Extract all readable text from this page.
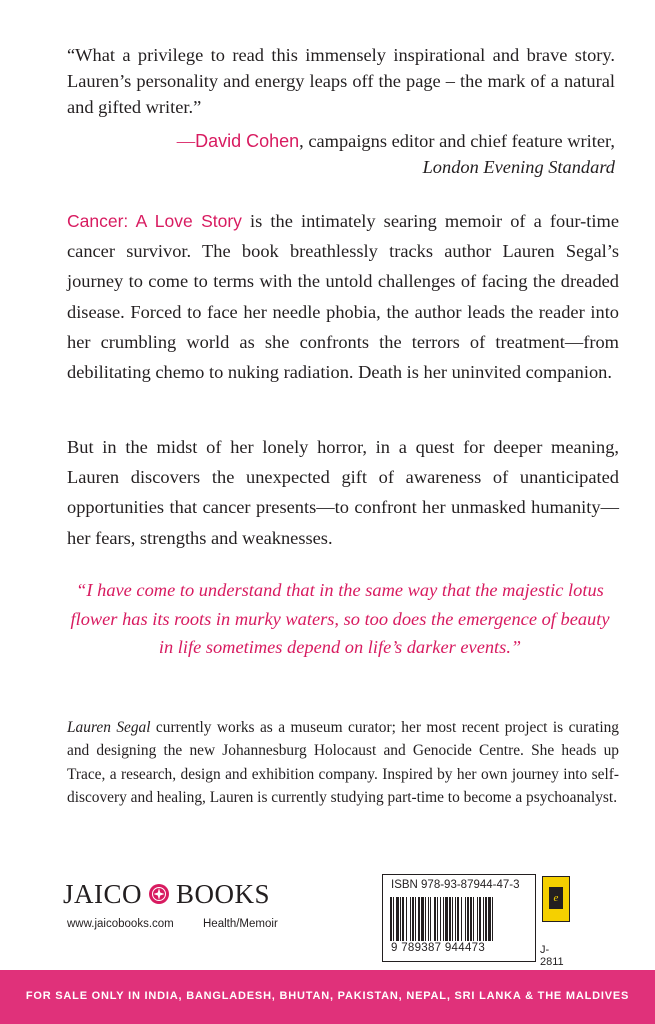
“What a privilege to read this immensely inspirational and brave story. Lauren’s personality and energy leaps off the page – the mark of a natural and gifted writer.”
—David Cohen, campaigns editor and chief feature writer,
London Evening Standard
Cancer: A Love Story is the intimately searing memoir of a four-time cancer survivor. The book breathlessly tracks author Lauren Segal’s journey to come to terms with the untold challenges of facing the dreaded disease. Forced to face her needle phobia, the author leads the reader into her crumbling world as she confronts the terrors of treatment—from debilitating chemo to nuking radiation. Death is her uninvited companion.
But in the midst of her lonely horror, in a quest for deeper meaning, Lauren discovers the unexpected gift of awareness of unanticipated opportunities that cancer presents—to confront her unmasked humanity—her fears, strengths and weaknesses.
“I have come to understand that in the same way that the majestic lotus flower has its roots in murky waters, so too does the emergence of beauty in life sometimes depend on life’s darker events.”
Lauren Segal currently works as a museum curator; her most recent project is curating and designing the new Johannesburg Holocaust and Genocide Centre. She heads up Trace, a research, design and exhibition company. Inspired by her own journey into self-discovery and healing, Lauren is currently studying part-time to become a psychoanalyst.
JAICO BOOKS
www.jaicobooks.com	Health/Memoir
ISBN 978-93-87944-47-3
9 789387 944473
e
J-2811
FOR SALE ONLY IN INDIA, BANGLADESH, BHUTAN, PAKISTAN, NEPAL, SRI LANKA & THE MALDIVES
